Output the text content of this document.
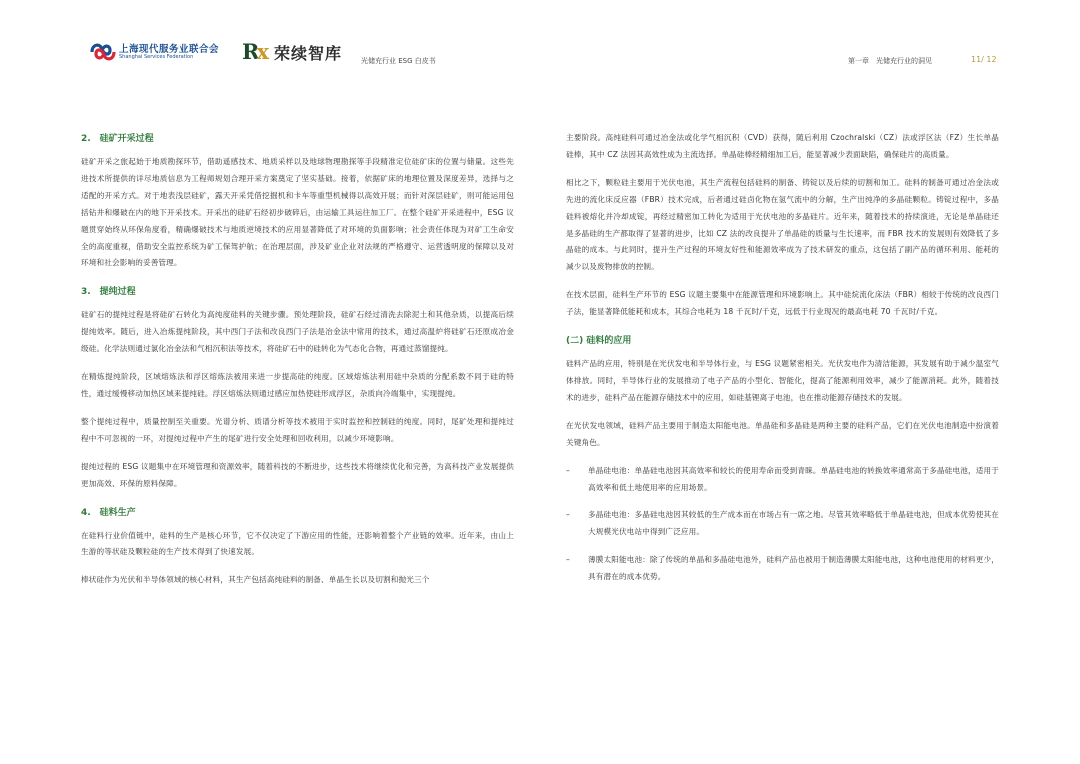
上海现代服务业联合会
Shanghai Services Federation Rx 荣续智库	光储充行业 ESG 白皮书	第一章　光储充行业的洞见	11/ 12
2.　硅矿开采过程

硅矿开采之旅起始于地质勘探环节，借助遥感技术、地质采样以及地球物理勘探等手段精准定位硅矿床的位置与储量。这些先进技术所提供的详尽地质信息为工程师规划合理开采方案奠定了坚实基础。接着，依据矿床的地理位置及深度差异，选择与之适配的开采方式。对于地表浅层硅矿，露天开采凭借挖掘机和卡车等重型机械得以高效开展；而针对深层硅矿，则可能运用包括钻井和爆破在内的地下开采技术。开采出的硅矿石经初步破碎后，由运输工具运往加工厂。在整个硅矿开采进程中，ESG 议题贯穿始终从环保角度看，精确爆破技术与地质逆境技术的应用显著降低了对环境的负面影响；社会责任体现为对矿工生命安全的高度重视，借助安全监控系统为矿工保驾护航；在治理层面，涉及矿业企业对法规的严格遵守、运营透明度的保障以及对环境和社会影响的妥善管理。

3.　提纯过程

硅矿石的提纯过程是将硅矿石转化为高纯度硅料的关键步骤。预处理阶段，硅矿石经过清洗去除泥土和其他杂质，以提高后续提纯效率。随后，进入冶炼提纯阶段，其中西门子法和改良西门子法是冶金法中常用的技术，通过高温炉将硅矿石还原成冶金级硅。化学法则通过氯化冶金法和气相沉积法等技术，将硅矿石中的硅转化为气态化合物，再通过蒸馏提纯。

在精炼提纯阶段，区域熔炼法和浮区熔炼法被用来进一步提高硅的纯度。区域熔炼法利用硅中杂质的分配系数不同于硅的特性，通过缓慢移动加热区域来提纯硅。浮区熔炼法则通过感应加热使硅形成浮区，杂质向冷端集中，实现提纯。

整个提纯过程中，质量控制至关重要。光谱分析、质谱分析等技术被用于实时监控和控制硅的纯度。同时，尾矿处理和提纯过程中不可忽视的一环，对提纯过程中产生的尾矿进行安全处理和回收利用，以减少环境影响。

提纯过程的 ESG 议题集中在环境管理和资源效率，随着科技的不断进步，这些技术将继续优化和完善，为高科技产业发展提供更加高效、环保的原料保障。

4.　硅料生产

在硅料行业价值链中，硅料的生产是核心环节，它不仅决定了下游应用的性能，还影响着整个产业链的效率。近年来，由山上生游的等状硅及颗粒硅的生产技术得到了快速发展。

棒状硅作为光伏和半导体领域的核心材料，其生产包括高纯硅料的制备、单晶生长以及切割和抛光三个

主要阶段。高纯硅料可通过冶金法或化学气相沉积（CVD）获得，随后利用 Czochralski（CZ）法或浮区法（FZ）生长单晶硅棒，其中 CZ 法因其高效性成为主流选择。单晶硅棒经精细加工后，能显著减少表面缺陷，确保硅片的高质量。

相比之下，颗粒硅主要用于光伏电池，其生产流程包括硅料的制备、铸锭以及后续的切割和加工。硅料的制备可通过冶金法或先进的流化床反应器（FBR）技术完成，后者通过硅卤化物在氢气流中的分解，生产出纯净的多晶硅颗粒。铸锭过程中，多晶硅料被熔化并冷却成锭，再经过精密加工转化为适用于光伏电池的多晶硅片。近年来，随着技术的持续演进，无论是单晶硅还是多晶硅的生产都取得了显著的进步，比如 CZ 法的改良提升了单晶硅的质量与生长速率，而 FBR 技术的发展则有效降低了多晶硅的成本。与此同时，提升生产过程的环境友好性和能源效率成为了技术研发的重点，这包括了副产品的循环利用、能耗的减少以及废物排放的控制。

在技术层面，硅料生产环节的 ESG 议题主要集中在能源管理和环境影响上。其中硅烷流化床法（FBR）相较于传统的改良西门子法，能显著降低能耗和成本，其综合电耗为 18 千瓦时/千克，远低于行业现况的最高电耗 70 千瓦时/千克。

(二) 硅料的应用

硅料产品的应用，特别是在光伏发电和半导体行业，与 ESG 议题紧密相关。光伏发电作为清洁能源，其发展有助于减少温室气体排放。同时，半导体行业的发展推动了电子产品的小型化、智能化，提高了能源利用效率，减少了能源消耗。此外，随着技术的进步，硅料产品在能源存储技术中的应用，如硅基锂离子电池，也在推动能源存储技术的发展。

在光伏发电领域，硅料产品主要用于制造太阳能电池。单晶硅和多晶硅是两种主要的硅料产品，它们在光伏电池制造中扮演着关键角色。

– 单晶硅电池：单晶硅电池因其高效率和较长的使用寿命而受到青睐。单晶硅电池的转换效率通常高于多晶硅电池，适用于高效率和低土地使用率的应用场景。
– 多晶硅电池：多晶硅电池因其较低的生产成本而在市场占有一席之地。尽管其效率略低于单晶硅电池，但成本优势使其在大规模光伏电站中得到广泛应用。
– 薄膜太阳能电池：除了传统的单晶和多晶硅电池外，硅料产品也被用于制造薄膜太阳能电池，这种电池使用的材料更少，具有潜在的成本优势。
